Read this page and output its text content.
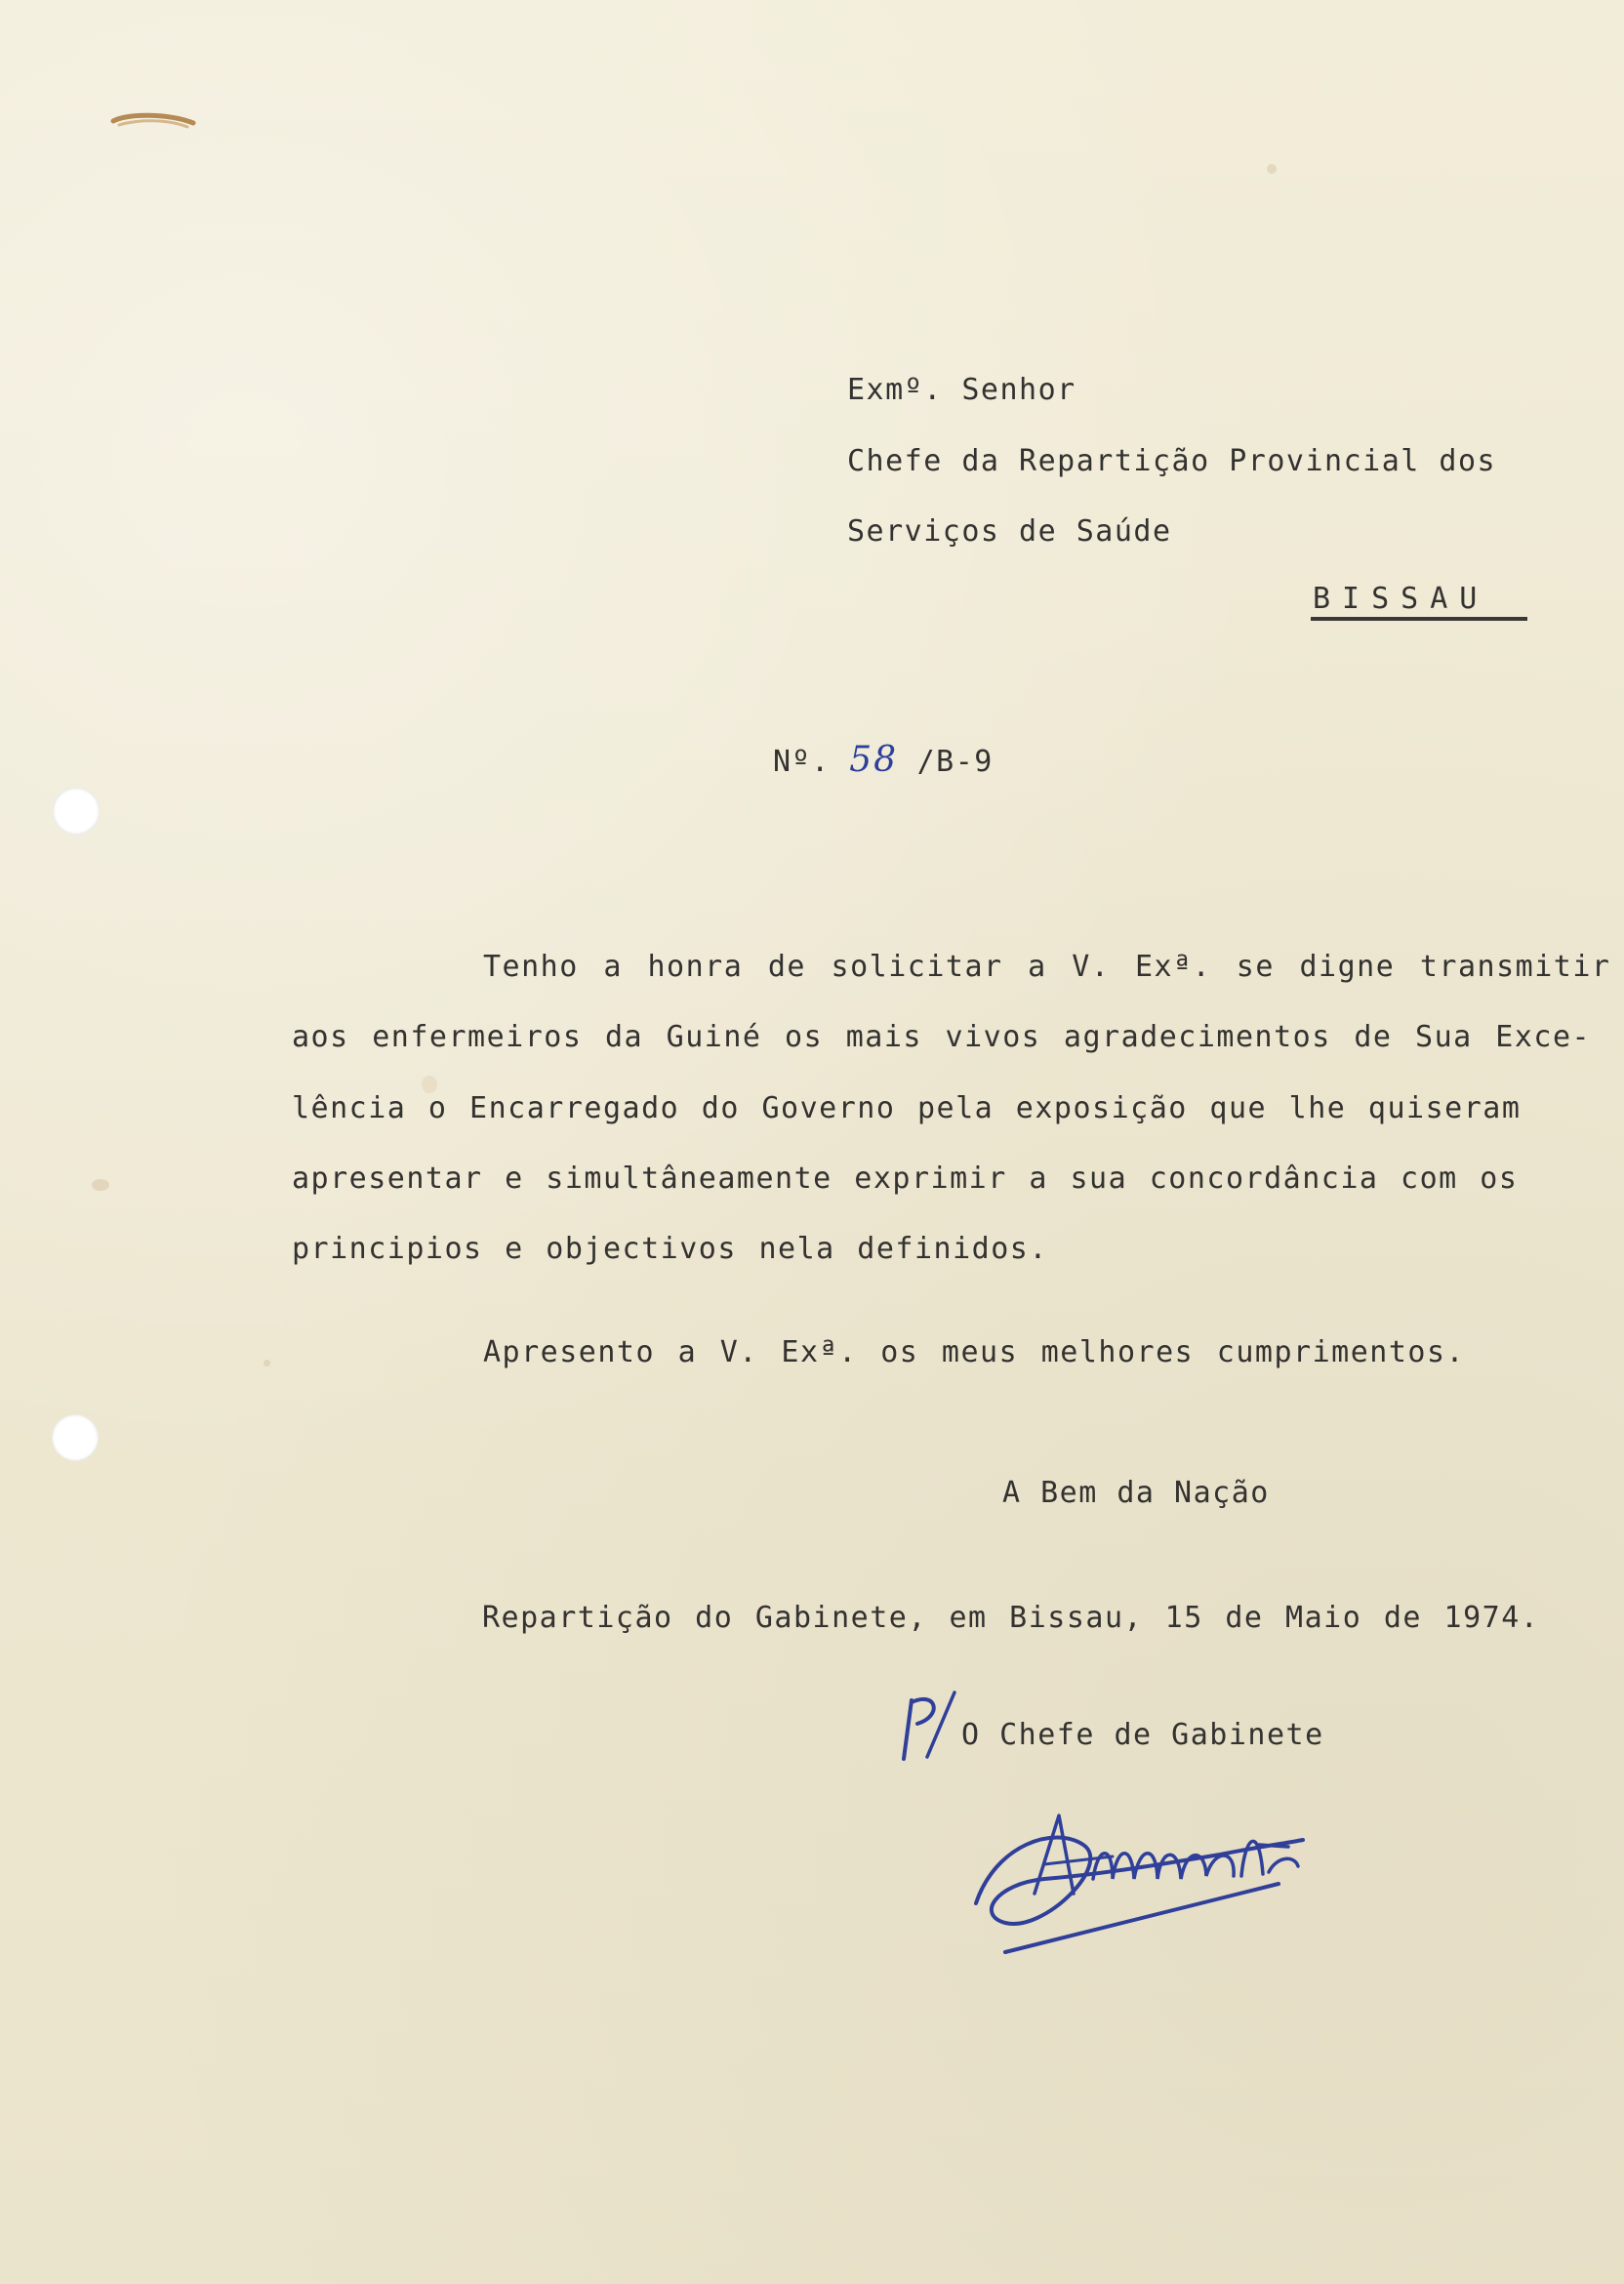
Exmº. Senhor
Chefe da Repartição Provincial dos
Serviços de Saúde
BISSAU
Nº. 58 /B-9
Tenho a honra de solicitar a V. Exª. se digne transmitir
aos enfermeiros da Guiné os mais vivos agradecimentos de Sua Exce-
lência o Encarregado do Governo pela exposição que lhe quiseram
apresentar e simultâneamente exprimir a sua concordância com os
principios e objectivos nela definidos.
Apresento a V. Exª. os meus melhores cumprimentos.
A Bem da Nação
Repartição do Gabinete, em Bissau, 15 de Maio de 1974.
O Chefe de Gabinete
